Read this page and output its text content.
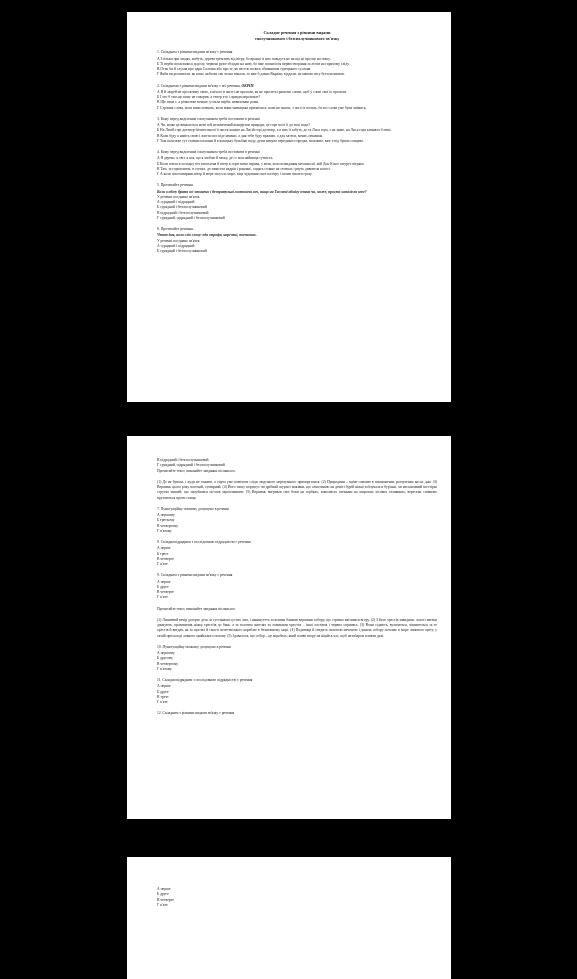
Складне речення з різними видами
сполучникового і безсполучникового зв'язку

1. Складним з різними видами зв'язку є речення

А І тільки при людях, мабуть, дерева тремтять від вітру, бо вранці із них повідуть не на що ні про що на пошу.

Б Ті верби похилилися додолу, червоні руже зблідли на низу, бо вже погнилося первостворіння за літом на гарячому сліду.

В Отак би й слухав про царя Салтана або про те, як весело колись обманював турецького султана.

Г Якби ви розпитали, як воно, якби ви так чесно взнали, то вже б давно Вкраїну віддали, не маючи часу бути козаками.

2. Складними з різними видами зв'язку є всі речення, ОКРІМ

А Я й людей не просятиму свою, а нічого в житті не просила, як не просить грамотні слови, щоб у слові свої їх просили.

Б І хто б там що кому не говорив, а тепер хто і правди нерозомає?

В Ще зима є, а річки вже менше, усохли верби, невиховані рожи.

Г Страшні слова, коли вони мовчать, коли вони зненацька причаїлись, коли не знаєш, з чого їх почать, бо всі слова уже були чиїмись.

3. Кому перед виділеним сполучником треба поставити в реченні

А Чи, може це вважається мені той нескінчений концертом природи, це горе всієї її до тихі води?

Б На Лисій горі дотепер бачити вночі її листя ясніше на Лисій горі дотепер, а в них її забуть, де та Лиса гора, з не знаю, на Лиса гора кипнала б мені.

В Коли буду я навіть свою і життя моє піде неявно, а дня тебе буду вражаю, а для хатеси, меню, пекинож.

Г Тож коли вже тут ставиш палатни й в казацьку бульбаю воду, душа вмерла переднього предка, можливо, вже з-під брили сонцева.

4. Кому перед виділеним сполучником треба поставити в реченні

А Я дерево, я світ, я вся, що я люблю й можу, де і є моя найвища сутність.

Б Коли земля в холодну піч затоплена й вітер в гори тягне гирява, у мені, мов позавдання меланхолії, мій Дон Кіхот штурує вітряка.

В Там, за горизонтом, в степах, де зачистім надрів і роками\, сидять селяне на стовпах і рвуть дивовела колоті.

Г А коли піхотомиряки вітер й море засухло море, вітр чудовиня своє палітру і почав писати грозу.

5. Прочитайте речення.

Коли в обозу брата всі зачинено і безпритульні гостовичи хоч, якщо на Тисмені обміну очима чи, може, просто хатілісля вже?

У реченні поєднано зв'язок

А сурядний і підрядний

Б сурядний і безсполучниковий

В підрядний і безсполучниковий

Г сурядний, підрядний і безсполучниковий

6. Прочитайте речення.

Чекаю дня, коли слів слову: ода строфа, наречені, поезнопах.

У реченні поєднано зв'язок

А сурядний і підрядний

Б сурядний і безсполучниковий

В підрядний і безсполучниковий

Г сурядний, підрядний і безсполучниковий

Прочитайте текст, виконайте завдання післянього.

(1) Де не бувала, і куди не глянеш, а сирта уже помічати сліди людського нерозумного приморгатися. (2) Природини – щене самоню в помножених розчулених косах дни. (3) Вершень цього року поточий, сумирний. (4) Його тишу порушує чи дрібний шурхот маківки, що самотиною на деміті бурій ніжні зоблукала в бур'яни, чи нескінчений шестірні струтка мишей, що запубнався по-мов зароплавняти. (5) Вершень вигравав свої боки на горбках, закохавсть затінням на широких лісових галявинах, вересень співкомо прутаються проти сонця.

7. Пунктуаційну помилку допущено в реченні

А першому

Б третьому

В четвертому

Г п'ятому

8. Складнопідрядним з послідовною підрядністю є речення

А перше

Б третє

В четверте

Г п'яте

9. Складним з різними видами зв'язку є речення

А перше

Б друге

В четверте

Г п'яте

Прочитайте текст, виконайте завдання післянього.

(1) Липневий вечір догорає десь за густинами густих лип, і накинутеть золотими банями вершини собору, що стрімко квітнався вгору. (2) З його хрестів завидимо, золоті автеки данкують, правливчик ніжці хрестіїв до бань, а за золотим ангелях та ломиками хрестах – інші ластівок і червих сприявсь. (3) Вони сідають, вуличаться, чівнителься за те хрестів й вигдав, як за щоглах й смасті велетенського кораблю в безмежному морі. (4) Подивчир й сведить лиловою меченою і донизь собору потонає в море липового цвіту, у самій прохолоді ловкого арийського полону. (5) Здавалося, що собор – це корабель, який пливе вгору на ніційсь час, щоб незабаром пливти далі.

10. Пунктуаційну помилку допущено в реченні

А першому

Б другому

В четвертому

Г п'ятому

11. Складнопідрядним з послідовною підрядністю є речення

А перше

Б друге

В третє

Г п'яте

12. Складним з різними видами зв'язку є речення

А перше

Б друге

В четверте

Г п'яте
